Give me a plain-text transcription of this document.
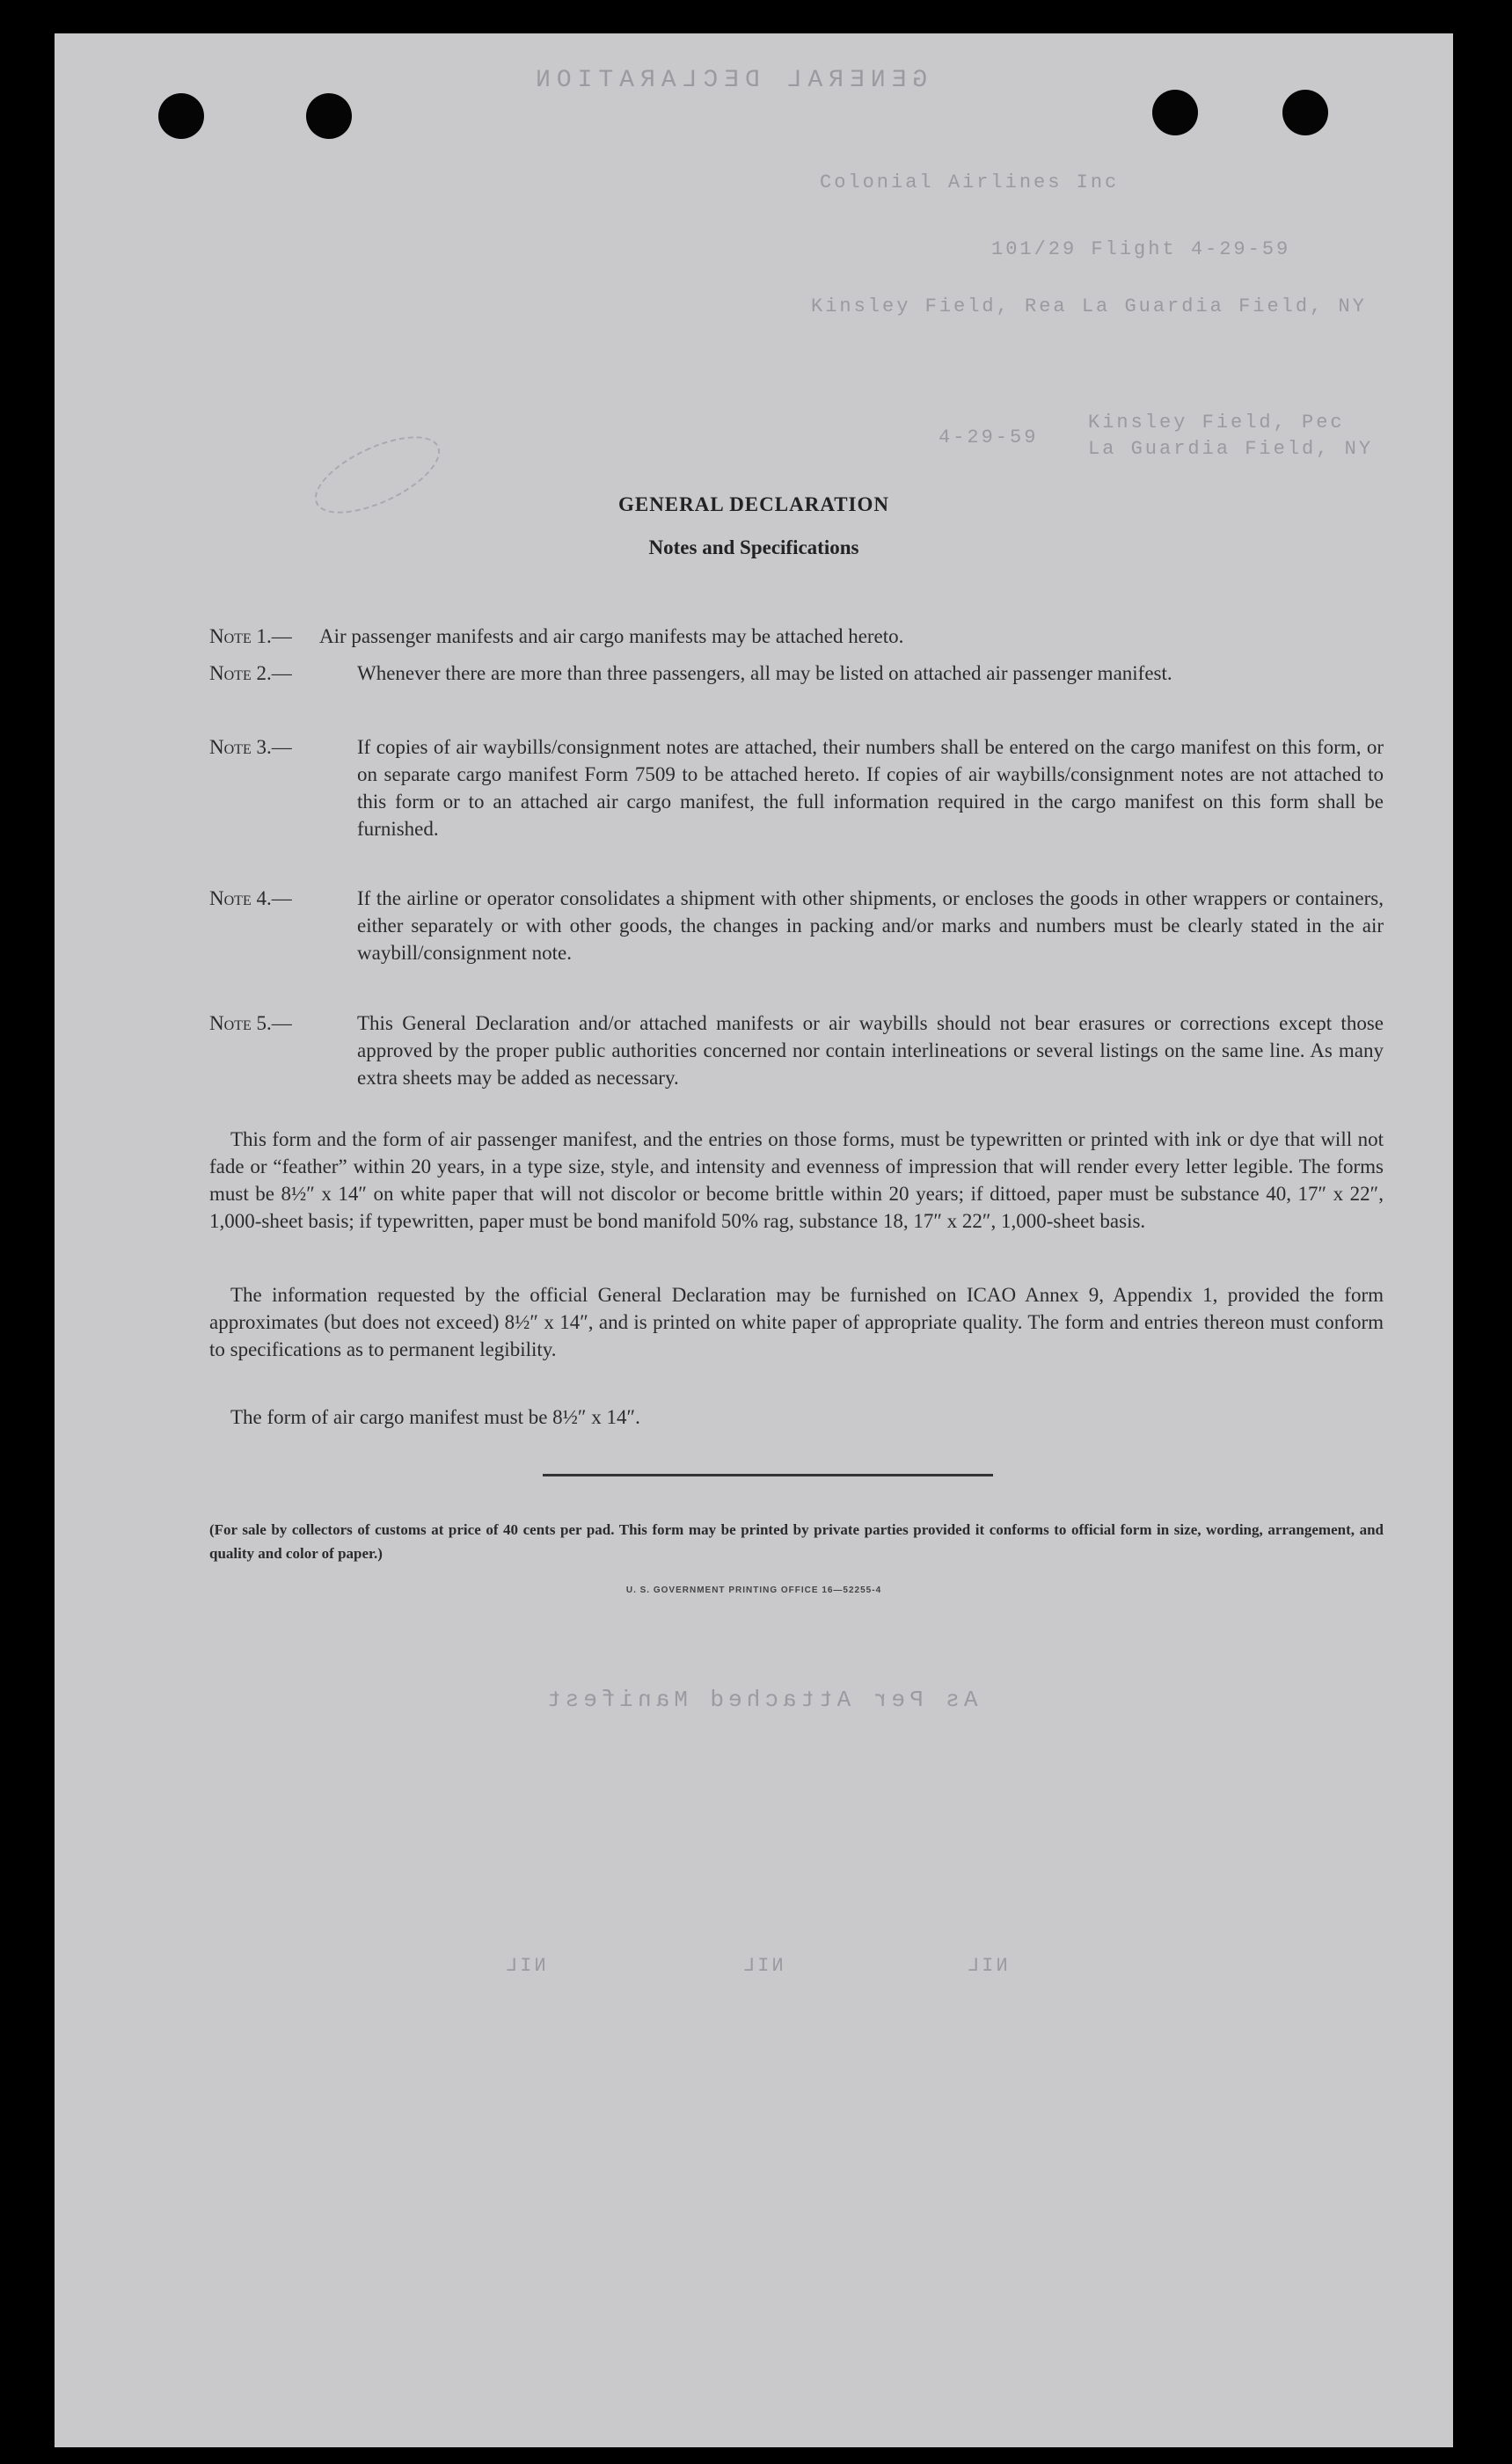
GENERAL DECLARATION
Colonial Airlines Inc
101/29 Flight 4-29-59
Kinsley Field, Rea La Guardia Field, NY
Kinsley Field, Pec
La Guardia Field, NY
4-29-59
GENERAL DECLARATION
Notes and Specifications
Note 1.— Air passenger manifests and air cargo manifests may be attached hereto.
Note 2.—	Whenever there are more than three passengers, all may be listed on attached air passenger manifest.
Note 3.—	If copies of air waybills/consignment notes are attached, their numbers shall be entered on the cargo manifest on this form, or on separate cargo manifest Form 7509 to be attached hereto. If copies of air waybills/consignment notes are not attached to this form or to an attached air cargo manifest, the full information required in the cargo manifest on this form shall be furnished.
Note 4.—	If the airline or operator consolidates a shipment with other shipments, or encloses the goods in other wrappers or containers, either separately or with other goods, the changes in packing and/or marks and numbers must be clearly stated in the air waybill/consignment note.
Note 5.—	This General Declaration and/or attached manifests or air waybills should not bear erasures or corrections except those approved by the proper public authorities concerned nor contain interlineations or several listings on the same line. As many extra sheets may be added as necessary.
This form and the form of air passenger manifest, and the entries on those forms, must be typewritten or printed with ink or dye that will not fade or “feather” within 20 years, in a type size, style, and intensity and evenness of impression that will render every letter legible. The forms must be 8½″ x 14″ on white paper that will not discolor or become brittle within 20 years; if dittoed, paper must be substance 40, 17″ x 22″, 1,000-sheet basis; if typewritten, paper must be bond manifold 50% rag, substance 18, 17″ x 22″, 1,000-sheet basis.
The information requested by the official General Declaration may be furnished on ICAO Annex 9, Appendix 1, provided the form approximates (but does not exceed) 8½″ x 14″, and is printed on white paper of appropriate quality. The form and entries thereon must conform to specifications as to permanent legibility.
The form of air cargo manifest must be 8½″ x 14″.
(For sale by collectors of customs at price of 40 cents per pad. This form may be printed by private parties provided it conforms to official form in size, wording, arrangement, and quality and color of paper.)
U. S. GOVERNMENT PRINTING OFFICE 16—52255-4
As Per Attached Manifest
NIL	NIL	NIL
